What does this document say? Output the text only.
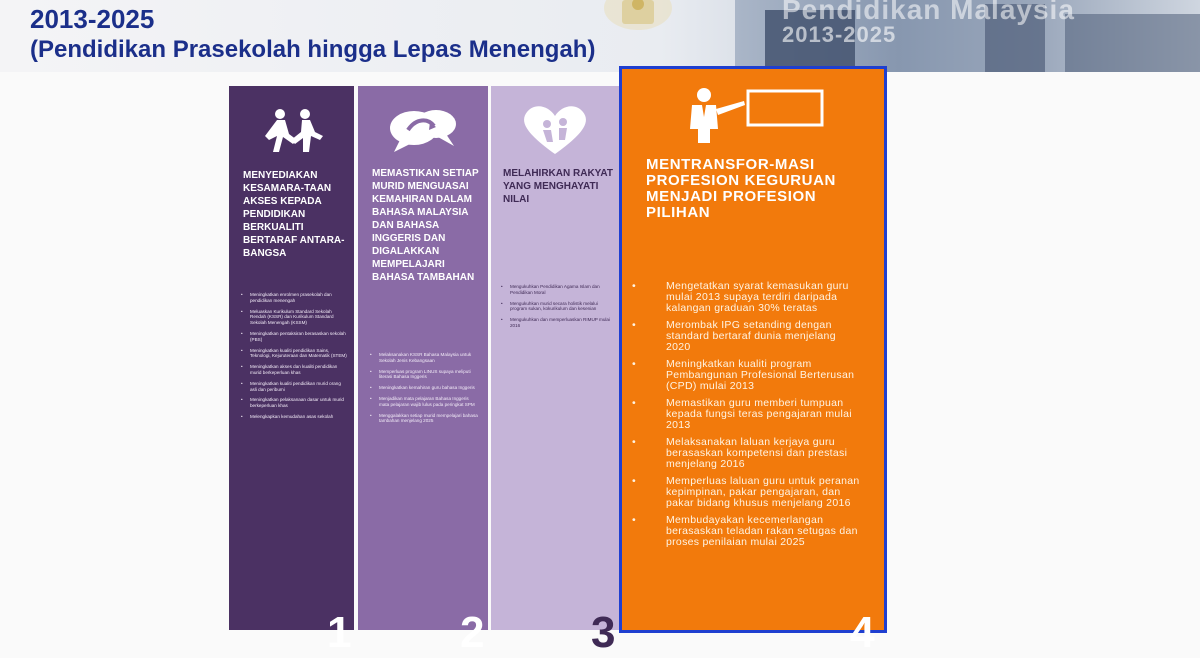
Pendidikan Malaysia
2013-2025
2013-2025
(Pendidikan Prasekolah hingga Lepas Menengah)
MENYEDIAKAN KESAMARA-TAAN AKSES KEPADA PENDIDIKAN BERKUALITI BERTARAF ANTARA-BANGSA
• Meningkatkan enrolmen prasekolah dan pendidikan menengah
• Meluaskan Kurikulum Standard Sekolah Rendah (KSSR) dan Kurikulum Standard Sekolah Menengah (KSSM)
• Meningkatkan pentaksiran berasaskan sekolah (PBS)
• Meningkatkan kualiti pendidikan Sains, Teknologi, Kejuruteraan dan Matematik (STEM)
• Meningkatkan akses dan kualiti pendidikan murid berkeperluan khas
• Meningkatkan kualiti pendidikan murid orang asli dan peribumi
• Meningkatkan pelaksanaan dasar untuk murid berkeperluan khas
• Melengkapkan kemudahan asas sekolah
1
MEMASTIKAN SETIAP MURID MENGUASAI KEMAHIRAN DALAM BAHASA MALAYSIA DAN BAHASA INGGERIS DAN DIGALAKKAN MEMPELAJARI BAHASA TAMBAHAN
• Melaksanakan KSSR Bahasa Malaysia untuk Sekolah Jenis Kebangsaan
• Memperluas program LINUS supaya meliputi literasi Bahasa Inggeris
• Meningkatkan kemahiran guru bahasa Inggeris
• Menjadikan mata pelajaran Bahasa Inggeris mata pelajaran wajib lulus pada peringkat SPM
• Menggalakkan setiap murid mempelajari bahasa tambahan menjelang 2025
2
MELAHIRKAN RAKYAT YANG MENGHAYATI NILAI
• Mengukuhkan Pendidikan Agama Islam dan Pendidikan Moral
• Mengukuhkan murid secara holistik melalui program sukan, kokurikulum dan kesenian
• Mengukuhkan dan memperluaskan RIMUP mulai 2016
3
MENTRANSFOR-MASI PROFESION KEGURUAN MENJADI PROFESION PILIHAN
• Mengetatkan syarat kemasukan guru mulai 2013 supaya terdiri daripada kalangan graduan 30% teratas
• Merombak IPG setanding dengan standard bertaraf dunia menjelang 2020
• Meningkatkan kualiti program Pembangunan Profesional Berterusan (CPD) mulai 2013
• Memastikan guru memberi tumpuan kepada fungsi teras pengajaran mulai 2013
• Melaksanakan laluan kerjaya guru berasaskan kompetensi dan prestasi menjelang 2016
• Memperluas laluan guru untuk peranan kepimpinan, pakar pengajaran, dan pakar bidang khusus menjelang 2016
• Membudayakan kecemerlangan berasaskan teladan rakan setugas dan proses penilaian mulai 2025
4
